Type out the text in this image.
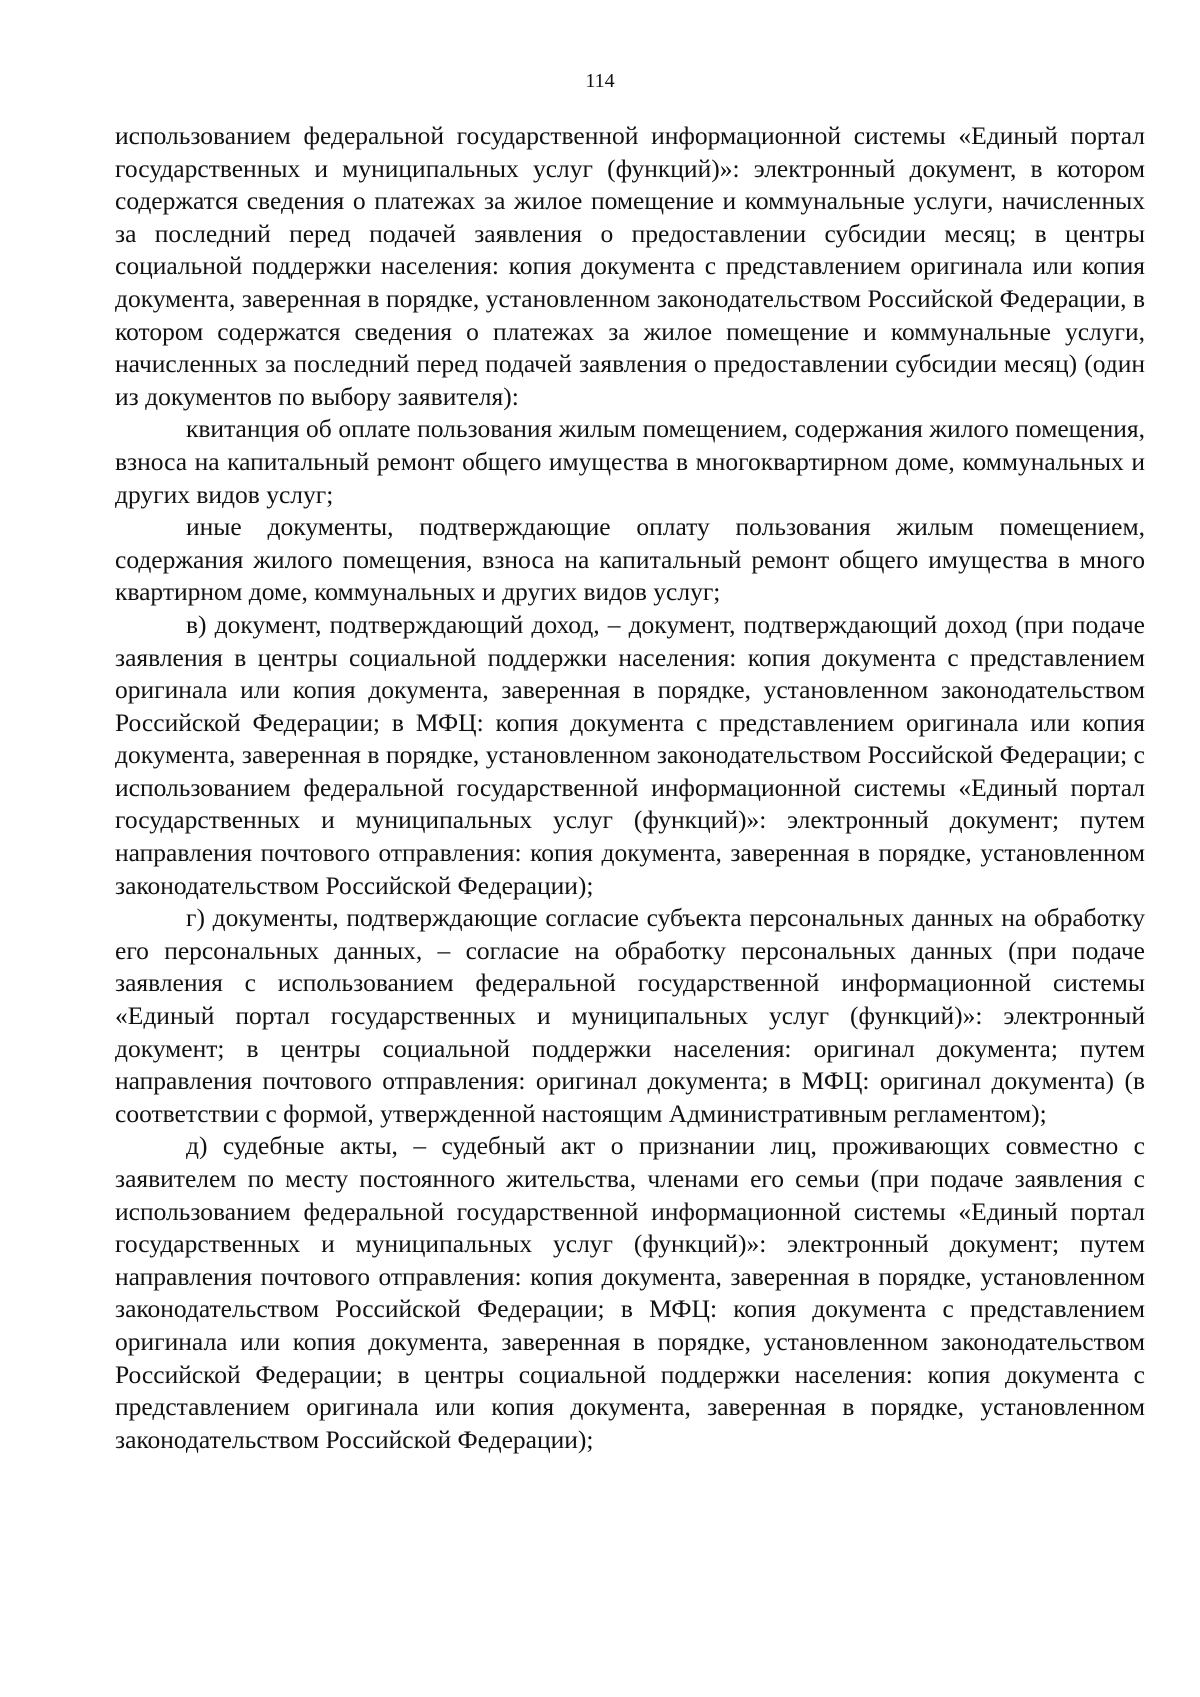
114

использованием федеральной государственной информационной системы «Единый портал государственных и муниципальных услуг (функций)»: электронный документ, в котором содержатся сведения о платежах за жилое помещение и коммунальные услуги, начисленных за последний перед подачей заявления о предоставлении субсидии месяц; в центры социальной поддержки населения: копия документа с представлением оригинала или копия документа, заверенная в порядке, установленном законодательством Российской Федерации, в котором содержатся сведения о платежах за жилое помещение и коммунальные услуги, начисленных за последний перед подачей заявления о предоставлении субсидии месяц) (один из документов по выбору заявителя):

квитанция об оплате пользования жилым помещением, содержания жилого помещения, взноса на капитальный ремонт общего имущества в многоквартирном доме, коммунальных и других видов услуг;

иные документы, подтверждающие оплату пользования жилым помещением, содержания жилого помещения, взноса на капитальный ремонт общего имущества в много квартирном доме, коммунальных и других видов услуг;

в) документ, подтверждающий доход, – документ, подтверждающий доход (при подаче заявления в центры социальной поддержки населения: копия документа с представлением оригинала или копия документа, заверенная в порядке, установленном законодательством Российской Федерации; в МФЦ: копия документа с представлением оригинала или копия документа, заверенная в порядке, установленном законодательством Российской Федерации; с использованием федеральной государственной информационной системы «Единый портал государственных и муниципальных услуг (функций)»: электронный документ; путем направления почтового отправления: копия документа, заверенная в порядке, установленном законодательством Российской Федерации);

г) документы, подтверждающие согласие субъекта персональных данных на обработку его персональных данных, – согласие на обработку персональных данных (при подаче заявления с использованием федеральной государственной информационной системы «Единый портал государственных и муниципальных услуг (функций)»: электронный документ; в центры социальной поддержки населения: оригинал документа; путем направления почтового отправления: оригинал документа; в МФЦ: оригинал документа) (в соответствии с формой, утвержденной настоящим Административным регламентом);

д) судебные акты, – судебный акт о признании лиц, проживающих совместно с заявителем по месту постоянного жительства, членами его семьи (при подаче заявления с использованием федеральной государственной информационной системы «Единый портал государственных и муниципальных услуг (функций)»: электронный документ; путем направления почтового отправления: копия документа, заверенная в порядке, установленном законодательством Российской Федерации; в МФЦ: копия документа с представлением оригинала или копия документа, заверенная в порядке, установленном законодательством Российской Федерации; в центры социальной поддержки населения: копия документа с представлением оригинала или копия документа, заверенная в порядке, установленном законодательством Российской Федерации);
